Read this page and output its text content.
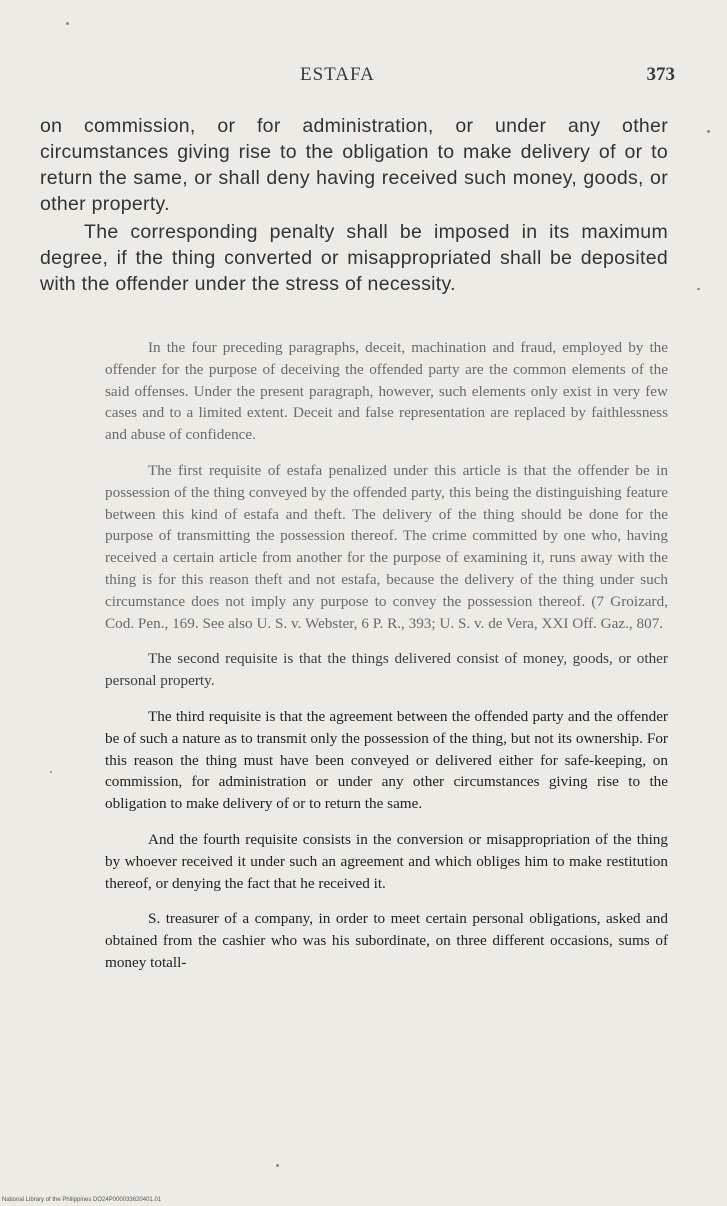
ESTAFA	373

on commission, or for administration, or under any other circumstances giving rise to the obligation to make delivery of or to return the same, or shall deny having received such money, goods, or other property.

The corresponding penalty shall be imposed in its maximum degree, if the thing converted or misappropriated shall be deposited with the offender under the stress of necessity.

In the four preceding paragraphs, deceit, machination and fraud, employed by the offender for the purpose of deceiving the offended party are the common elements of the said offenses. Under the present paragraph, however, such elements only exist in very few cases and to a limited extent. Deceit and false representation are replaced by faithlessness and abuse of confidence.

The first requisite of estafa penalized under this article is that the offender be in possession of the thing conveyed by the offended party, this being the distinguishing feature between this kind of estafa and theft. The delivery of the thing should be done for the purpose of transmitting the possession thereof. The crime committed by one who, having received a certain article from another for the purpose of examining it, runs away with the thing is for this reason theft and not estafa, because the delivery of the thing under such circumstance does not imply any purpose to convey the possession thereof. (7 Groizard, Cod. Pen., 169. See also U. S. v. Webster, 6 P. R., 393; U. S. v. de Vera, XXI Off. Gaz., 807.

The second requisite is that the things delivered consist of money, goods, or other personal property.

The third requisite is that the agreement between the offended party and the offender be of such a nature as to transmit only the possession of the thing, but not its ownership. For this reason the thing must have been conveyed or delivered either for safe-keeping, on commission, for administration or under any other circumstances giving rise to the obligation to make delivery of or to return the same.

And the fourth requisite consists in the conversion or misappropriation of the thing by whoever received it under such an agreement and which obliges him to make restitution thereof, or denying the fact that he received it.

S. treasurer of a company, in order to meet certain personal obligations, asked and obtained from the cashier who was his subordinate, on three different occasions, sums of money totall-

National Library of the Philippines DO24P000033620401.01
